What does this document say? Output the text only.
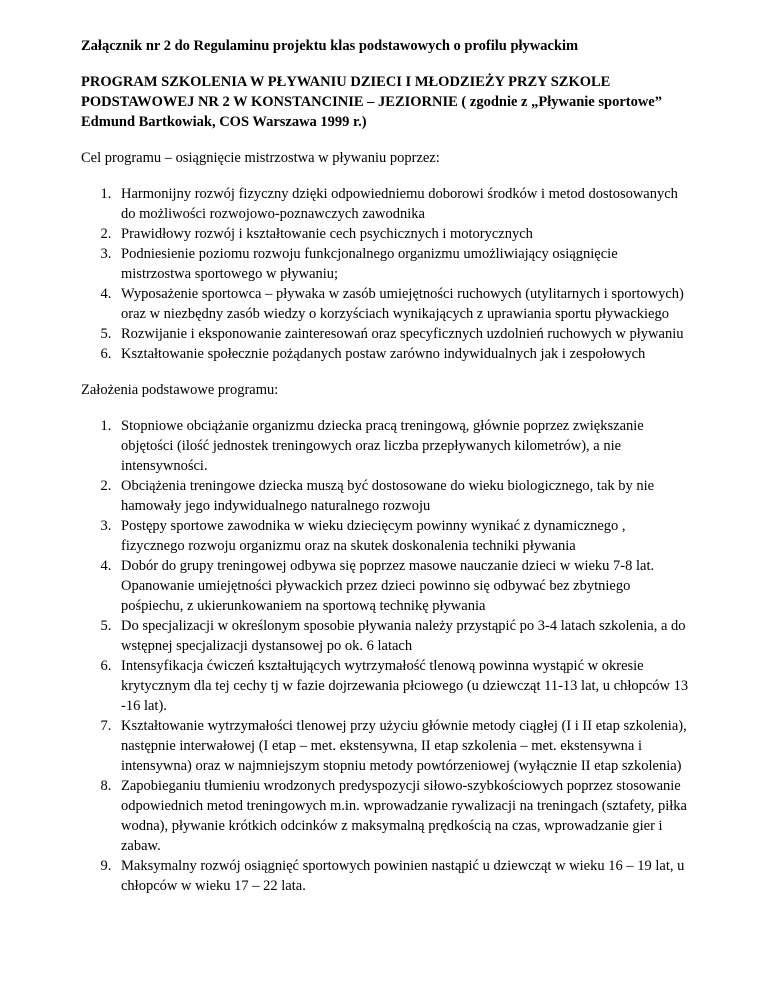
Załącznik nr 2 do Regulaminu projektu klas podstawowych o profilu pływackim

PROGRAM SZKOLENIA W PŁYWANIU DZIECI I MŁODZIEŻY PRZY SZKOLE PODSTAWOWEJ NR 2 W KONSTANCINIE – JEZIORNIE ( zgodnie z „Pływanie sportowe” Edmund Bartkowiak, COS Warszawa 1999 r.)

Cel programu – osiągnięcie mistrzostwa w pływaniu poprzez:

1. Harmonijny rozwój fizyczny dzięki odpowiedniemu doborowi środków i metod dostosowanych do możliwości rozwojowo-poznawczych zawodnika
2. Prawidłowy rozwój i kształtowanie cech psychicznych i motorycznych
3. Podniesienie poziomu rozwoju funkcjonalnego organizmu umożliwiający osiągnięcie mistrzostwa sportowego w pływaniu;
4. Wyposażenie sportowca – pływaka w zasób umiejętności ruchowych (utylitarnych i sportowych) oraz w niezbędny zasób wiedzy o korzyściach wynikających z uprawiania sportu pływackiego
5. Rozwijanie i eksponowanie zainteresowań oraz specyficznych uzdolnień ruchowych w pływaniu
6. Kształtowanie społecznie pożądanych postaw zarówno indywidualnych jak i zespołowych

Założenia podstawowe programu:

1. Stopniowe obciążanie organizmu dziecka pracą treningową, głównie poprzez zwiększanie objętości (ilość jednostek treningowych oraz liczba przepływanych kilometrów), a nie intensywności.
2. Obciążenia treningowe dziecka muszą być dostosowane do wieku biologicznego, tak by nie hamowały jego indywidualnego naturalnego rozwoju
3. Postępy sportowe zawodnika w wieku dziecięcym powinny wynikać z dynamicznego , fizycznego rozwoju organizmu oraz na skutek doskonalenia techniki pływania
4. Dobór do grupy treningowej odbywa się poprzez masowe nauczanie dzieci w wieku 7-8 lat. Opanowanie umiejętności pływackich przez dzieci powinno się odbywać bez zbytniego pośpiechu, z ukierunkowaniem na sportową technikę pływania
5. Do specjalizacji w określonym sposobie pływania należy przystąpić po 3-4 latach szkolenia, a do wstępnej specjalizacji dystansowej po ok. 6 latach
6. Intensyfikacja ćwiczeń kształtujących wytrzymałość tlenową powinna wystąpić w okresie krytycznym dla tej cechy tj w fazie dojrzewania płciowego (u dziewcząt 11-13 lat, u chłopców 13 -16 lat).
7. Kształtowanie wytrzymałości tlenowej przy użyciu głównie metody ciągłej (I i II etap szkolenia), następnie interwałowej (I etap – met. ekstensywna, II etap szkolenia – met. ekstensywna i intensywna) oraz w najmniejszym stopniu metody powtórzeniowej (wyłącznie II etap szkolenia)
8. Zapobieganiu tłumieniu wrodzonych predyspozycji siłowo-szybkościowych poprzez stosowanie odpowiednich metod treningowych m.in. wprowadzanie rywalizacji na treningach (sztafety, piłka wodna), pływanie krótkich odcinków z maksymalną prędkością na czas, wprowadzanie gier i zabaw.
9. Maksymalny rozwój osiągnięć sportowych powinien nastąpić u dziewcząt w wieku 16 – 19 lat, u chłopców w wieku 17 – 22 lata.
